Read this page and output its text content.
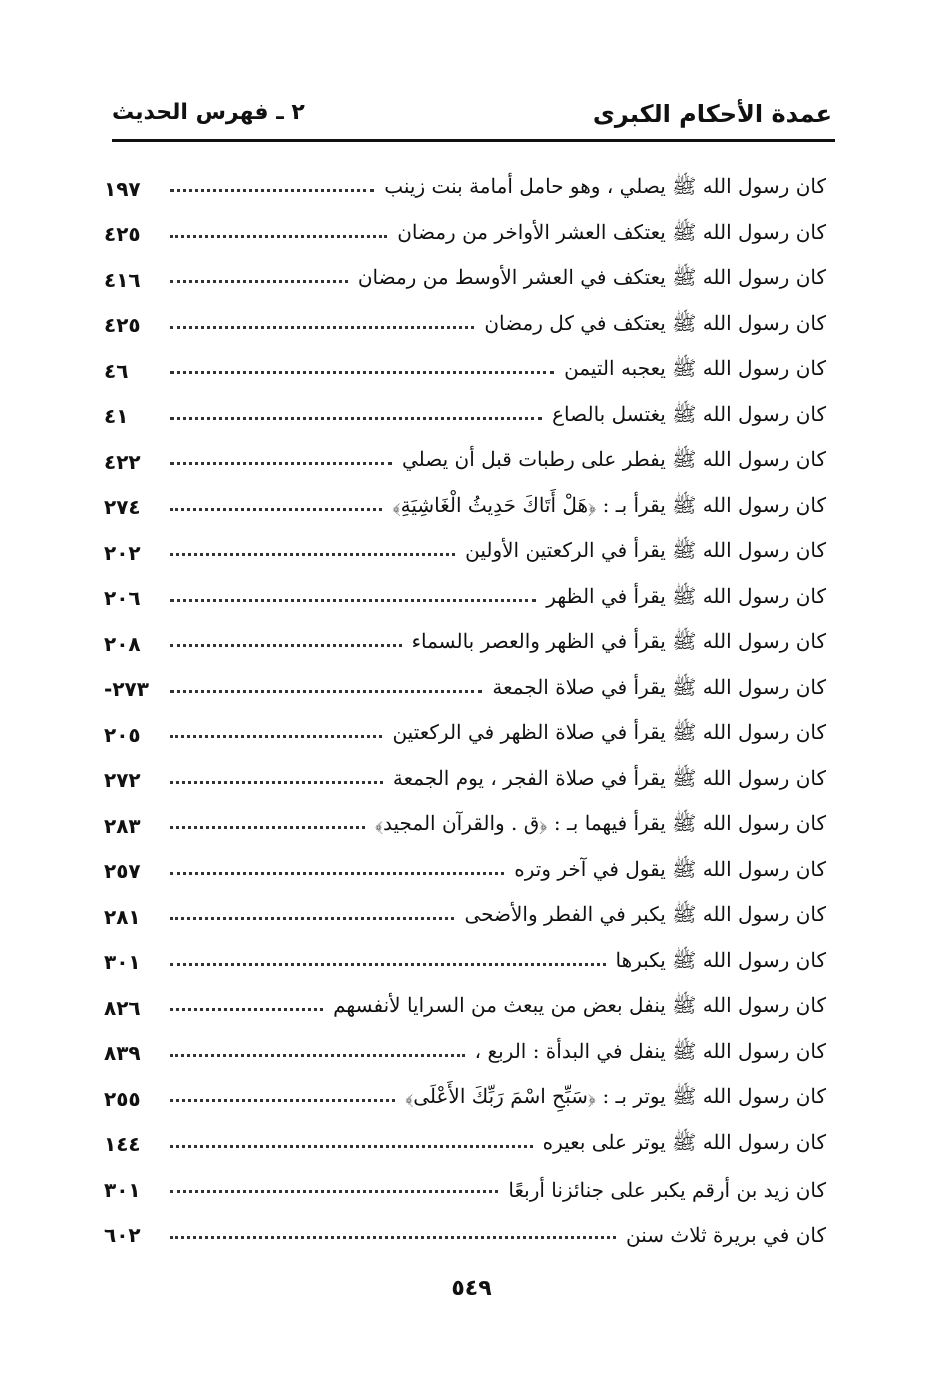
عمدة الأحكام الكبرى
٢ ـ فهرس الحديث
كان رسول الله ﷺ يصلي ، وهو حامل أمامة بنت زينب
١٩٧
كان رسول الله ﷺ يعتكف العشر الأواخر من رمضان
٤٢٥
كان رسول الله ﷺ يعتكف في العشر الأوسط من رمضان
٤١٦
كان رسول الله ﷺ يعتكف في كل رمضان
٤٢٥
كان رسول الله ﷺ يعجبه التيمن
٤٦
كان رسول الله ﷺ يغتسل بالصاع
٤١
كان رسول الله ﷺ يفطر على رطبات قبل أن يصلي
٤٢٢
كان رسول الله ﷺ يقرأ بـ : ﴿هَلْ أَتَاكَ حَدِيثُ الْغَاشِيَةِ﴾
٢٧٤
كان رسول الله ﷺ يقرأ في الركعتين الأولين
٢٠٢
كان رسول الله ﷺ يقرأ في الظهر
٢٠٦
كان رسول الله ﷺ يقرأ في الظهر والعصر بالسماء
٢٠٨
كان رسول الله ﷺ يقرأ في صلاة الجمعة
٢٧٣-
كان رسول الله ﷺ يقرأ في صلاة الظهر في الركعتين
٢٠٥
كان رسول الله ﷺ يقرأ في صلاة الفجر ، يوم الجمعة
٢٧٢
كان رسول الله ﷺ يقرأ فيهما بـ : ﴿ق . والقرآن المجيد﴾
٢٨٣
كان رسول الله ﷺ يقول في آخر وتره
٢٥٧
كان رسول الله ﷺ يكبر في الفطر والأضحى
٢٨١
كان رسول الله ﷺ يكبرها
٣٠١
كان رسول الله ﷺ ينفل بعض من يبعث من السرايا لأنفسهم
٨٢٦
كان رسول الله ﷺ ينفل في البدأة : الربع ،
٨٣٩
كان رسول الله ﷺ يوتر بـ : ﴿سَبِّحِ اسْمَ رَبِّكَ الأَعْلَى﴾
٢٥٥
كان رسول الله ﷺ يوتر على بعيره
١٤٤
كان زيد بن أرقم يكبر على جنائزنا أربعًا
٣٠١
كان في بريرة ثلاث سنن
٦٠٢
٥٤٩
